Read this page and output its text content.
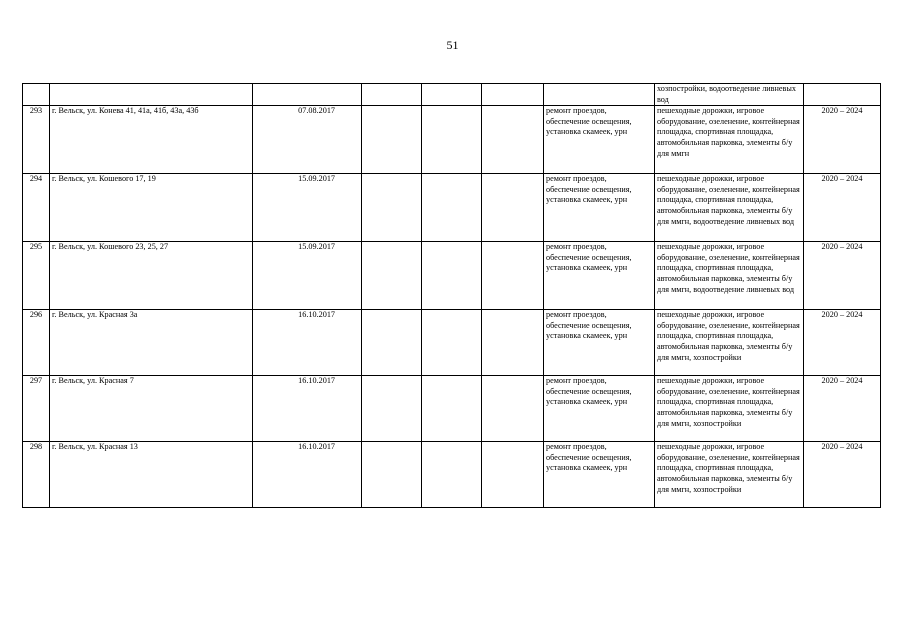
51
							хозпостройки, водоотведение ливневых вод	
293	г. Вельск, ул. Конева 41, 41а, 41б, 43а, 43б	07.08.2017				ремонт проездов, обеспечение освещения, установка скамеек, урн	пешеходные дорожки, игровое оборудование, озеленение, контейнерная площадка, спортивная площадка, автомобильная парковка, элементы б/у для ммгн	2020 – 2024
294	г. Вельск, ул. Кошевого 17, 19	15.09.2017				ремонт проездов, обеспечение освещения, установка скамеек, урн	пешеходные дорожки, игровое оборудование, озеленение, контейнерная площадка, спортивная площадка, автомобильная парковка, элементы б/у для ммгн, водоотведение ливневых вод	2020 – 2024
295	г. Вельск, ул. Кошевого 23, 25, 27	15.09.2017				ремонт проездов, обеспечение освещения, установка скамеек, урн	пешеходные дорожки, игровое оборудование, озеленение, контейнерная площадка, спортивная площадка, автомобильная парковка, элементы б/у для ммгн, водоотведение ливневых вод	2020 – 2024
296	г. Вельск, ул. Красная 3а	16.10.2017				ремонт проездов, обеспечение освещения, установка скамеек, урн	пешеходные дорожки, игровое оборудование, озеленение, контейнерная площадка, спортивная площадка, автомобильная парковка, элементы б/у для ммгн, хозпостройки	2020 – 2024
297	г. Вельск, ул. Красная 7	16.10.2017				ремонт проездов, обеспечение освещения, установка скамеек, урн	пешеходные дорожки, игровое оборудование, озеленение, контейнерная площадка, спортивная площадка, автомобильная парковка, элементы б/у для ммгн, хозпостройки	2020 – 2024
298	г. Вельск, ул. Красная 13	16.10.2017				ремонт проездов, обеспечение освещения, установка скамеек, урн	пешеходные дорожки, игровое оборудование, озеленение, контейнерная площадка, спортивная площадка, автомобильная парковка, элементы б/у для ммгн, хозпостройки	2020 – 2024
